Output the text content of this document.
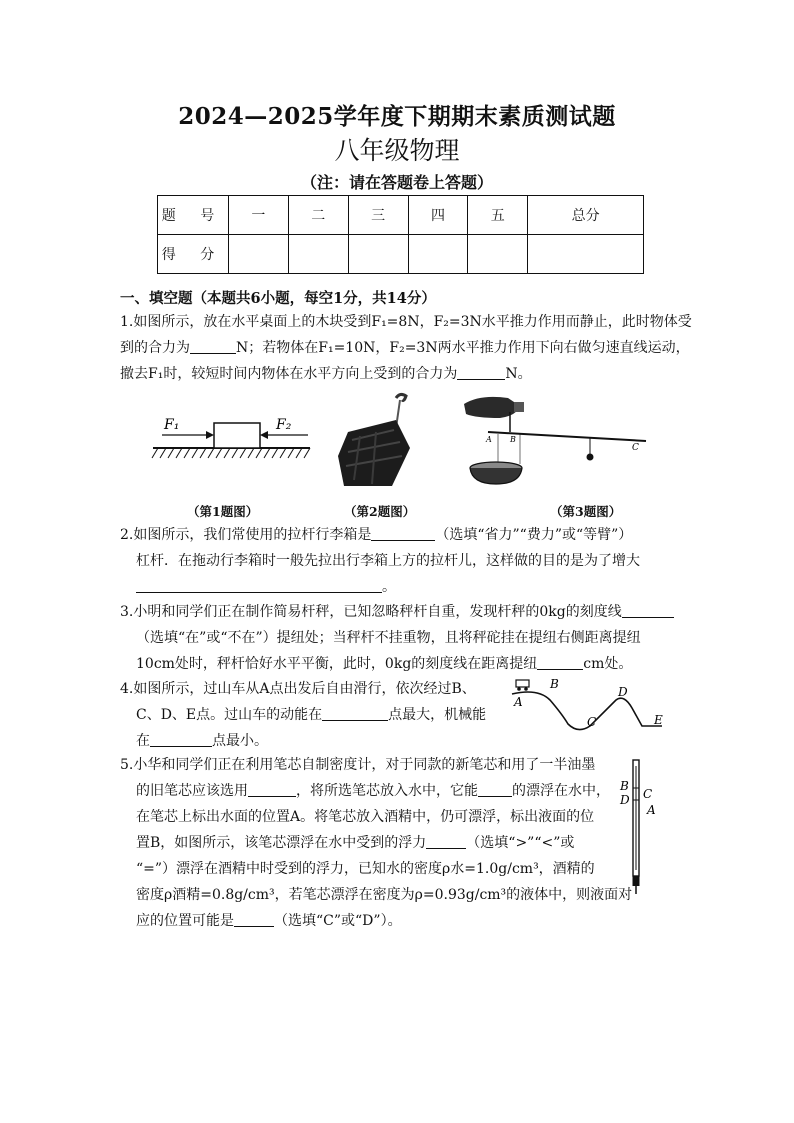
2024—2025学年度下期期末素质测试题
八年级物理
（注：请在答题卷上答题）
题 号	一	二	三	四	五	总分
得 分						
一、填空题（本题共6小题，每空1分，共14分）
1.如图所示，放在水平桌面上的木块受到F₁=8N，F₂=3N水平推力作用而静止，此时物体受
到的合力为	N；若物体在F₁=10N，F₂=3N两水平推力作用下向右做匀速直线运动，
撤去F₁时，较短时间内物体在水平方向上受到的合力为	N。
F₁	F₂
A B
C
（第1题图）	（第2题图）	（第3题图）
2.如图所示，我们常使用的拉杆行李箱是	（选填“省力”“费力”或“等臂”）
杠杆．在拖动行李箱时一般先拉出行李箱上方的拉杆儿，这样做的目的是为了增大
。
3.小明和同学们正在制作简易杆秤，已知忽略秤杆自重，发现杆秤的0kg的刻度线
（选填“在”或“不在”）提纽处；当秤杆不挂重物，且将秤砣挂在提纽右侧距离提纽
10cm处时，秤杆恰好水平平衡，此时，0kg的刻度线在距离提纽	cm处。
4.如图所示，过山车从A点出发后自由滑行，依次经过B、
C、D、E点。过山车的动能在	点最大，机械能
在	点最小。
A
B
C
D
E
5.小华和同学们正在利用笔芯自制密度计，对于同款的新笔芯和用了一半油墨
的旧笔芯应该选用	，将所选笔芯放入水中，它能 的漂浮在水中，
在笔芯上标出水面的位置A。将笔芯放入酒精中，仍可漂浮，标出液面的位
置B，如图所示，该笔芯漂浮在水中受到的浮力	（选填“>”“<”或
“=”）漂浮在酒精中时受到的浮力，已知水的密度ρ水=1.0g/cm³，酒精的
密度ρ酒精=0.8g/cm³，若笔芯漂浮在密度为ρ=0.93g/cm³的液体中，则液面对
应的位置可能是	（选填“C”或“D”）。
B
D C
A
